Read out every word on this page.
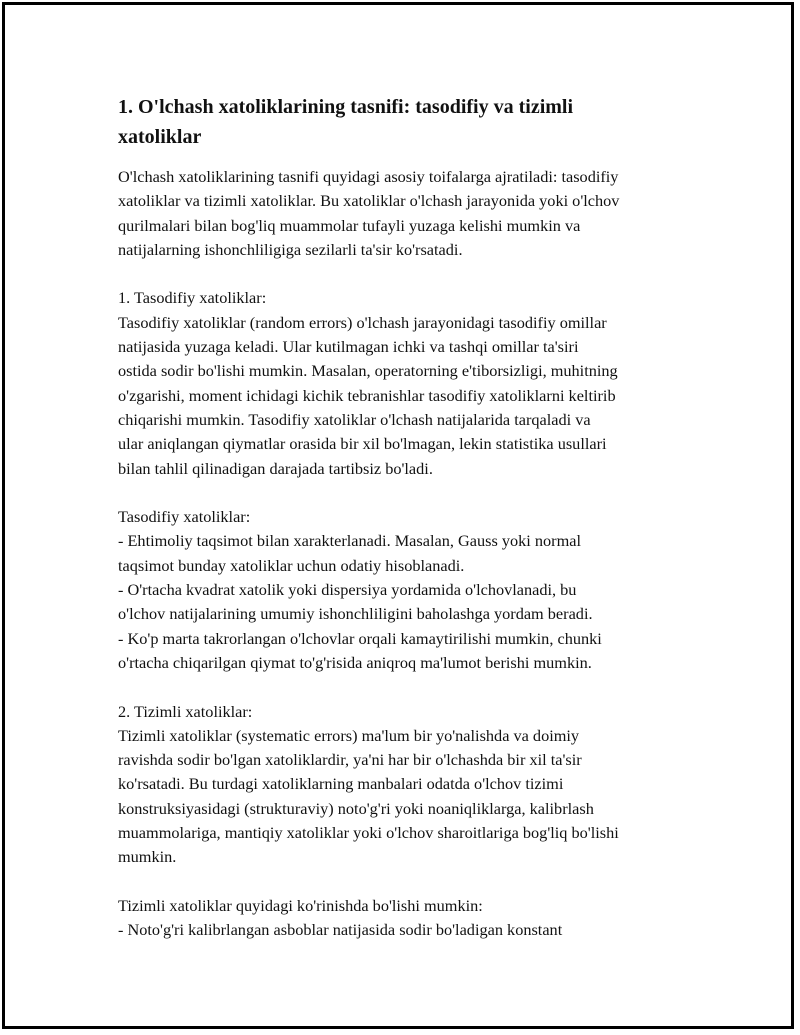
1. O'lchash xatoliklarining tasnifi: tasodifiy va tizimli xatoliklar

O'lchash xatoliklarining tasnifi quyidagi asosiy toifalarga ajratiladi: tasodifiy
xatoliklar va tizimli xatoliklar. Bu xatoliklar o'lchash jarayonida yoki o'lchov
qurilmalari bilan bog'liq muammolar tufayli yuzaga kelishi mumkin va
natijalarning ishonchliligiga sezilarli ta'sir ko'rsatadi.

1. Tasodifiy xatoliklar:
Tasodifiy xatoliklar (random errors) o'lchash jarayonidagi tasodifiy omillar
natijasida yuzaga keladi. Ular kutilmagan ichki va tashqi omillar ta'siri
ostida sodir bo'lishi mumkin. Masalan, operatorning e'tiborsizligi, muhitning
o'zgarishi, moment ichidagi kichik tebranishlar tasodifiy xatoliklarni keltirib
chiqarishi mumkin. Tasodifiy xatoliklar o'lchash natijalarida tarqaladi va
ular aniqlangan qiymatlar orasida bir xil bo'lmagan, lekin statistika usullari
bilan tahlil qilinadigan darajada tartibsiz bo'ladi.

Tasodifiy xatoliklar:
- Ehtimoliy taqsimot bilan xarakterlanadi. Masalan, Gauss yoki normal
taqsimot bunday xatoliklar uchun odatiy hisoblanadi.
- O'rtacha kvadrat xatolik yoki dispersiya yordamida o'lchovlanadi, bu
o'lchov natijalarining umumiy ishonchliligini baholashga yordam beradi.
- Ko'p marta takrorlangan o'lchovlar orqali kamaytirilishi mumkin, chunki
o'rtacha chiqarilgan qiymat to'g'risida aniqroq ma'lumot berishi mumkin.

2. Tizimli xatoliklar:
Tizimli xatoliklar (systematic errors) ma'lum bir yo'nalishda va doimiy
ravishda sodir bo'lgan xatoliklardir, ya'ni har bir o'lchashda bir xil ta'sir
ko'rsatadi. Bu turdagi xatoliklarning manbalari odatda o'lchov tizimi
konstruksiyasidagi (strukturaviy) noto'g'ri yoki noaniqliklarga, kalibrlash
muammolariga, mantiqiy xatoliklar yoki o'lchov sharoitlariga bog'liq bo'lishi
mumkin.

Tizimli xatoliklar quyidagi ko'rinishda bo'lishi mumkin:
- Noto'g'ri kalibrlangan asboblar natijasida sodir bo'ladigan konstant
